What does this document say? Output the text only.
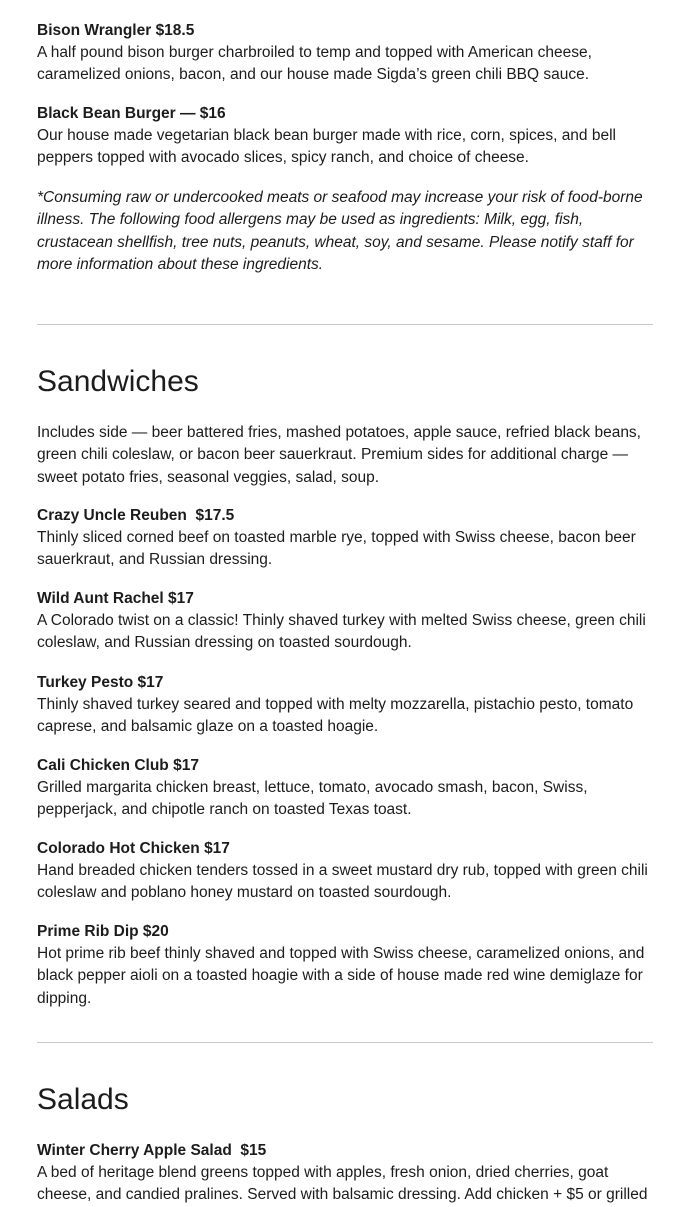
Bison Wrangler $18.5

A half pound bison burger charbroiled to temp and topped with American cheese, caramelized onions, bacon, and our house made Sigda’s green chili BBQ sauce.

Black Bean Burger — $16

Our house made vegetarian black bean burger made with rice, corn, spices, and bell peppers topped with avocado slices, spicy ranch, and choice of cheese.

*Consuming raw or undercooked meats or seafood may increase your risk of food-borne illness. The following food allergens may be used as ingredients: Milk, egg, fish, crustacean shellfish, tree nuts, peanuts, wheat, soy, and sesame. Please notify staff for more information about these ingredients.

Sandwiches

Includes side — beer battered fries, mashed potatoes, apple sauce, refried black beans, green chili coleslaw, or bacon beer sauerkraut. Premium sides for additional charge — sweet potato fries, seasonal veggies, salad, soup.

Crazy Uncle Reuben  $17.5

Thinly sliced corned beef on toasted marble rye, topped with Swiss cheese, bacon beer sauerkraut, and Russian dressing.

Wild Aunt Rachel $17

A Colorado twist on a classic! Thinly shaved turkey with melted Swiss cheese, green chili coleslaw, and Russian dressing on toasted sourdough.

Turkey Pesto $17

Thinly shaved turkey seared and topped with melty mozzarella, pistachio pesto, tomato caprese, and balsamic glaze on a toasted hoagie.

Cali Chicken Club $17

Grilled margarita chicken breast, lettuce, tomato, avocado smash, bacon, Swiss, pepperjack, and chipotle ranch on toasted Texas toast.

Colorado Hot Chicken $17

Hand breaded chicken tenders tossed in a sweet mustard dry rub, topped with green chili coleslaw and poblano honey mustard on toasted sourdough.

Prime Rib Dip $20

Hot prime rib beef thinly shaved and topped with Swiss cheese, caramelized onions, and black pepper aioli on a toasted hoagie with a side of house made red wine demiglaze for dipping.

Salads

Winter Cherry Apple Salad  $15

A bed of heritage blend greens topped with apples, fresh onion, dried cherries, goat cheese, and candied pralines. Served with balsamic dressing. Add chicken + $5 or grilled
